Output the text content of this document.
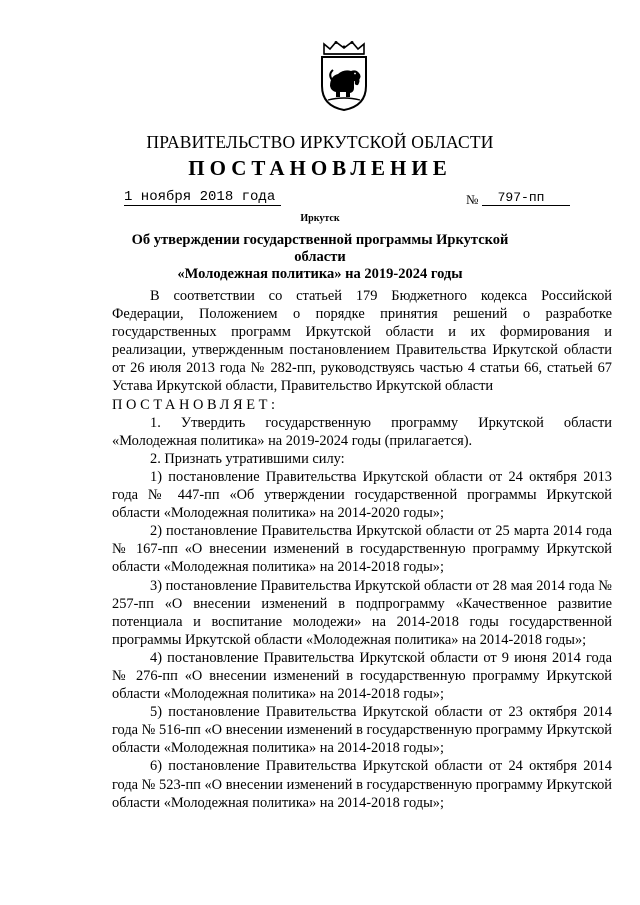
ПРАВИТЕЛЬСТВО ИРКУТСКОЙ ОБЛАСТИ
ПОСТАНОВЛЕНИЕ
1 ноября 2018 года	№	797-пп
Иркутск
Об утверждении государственной программы Иркутской области
«Молодежная политика» на 2019-2024 годы

В соответствии со статьей 179 Бюджетного кодекса Российской Федерации, Положением о порядке принятия решений о разработке государственных программ Иркутской области и их формирования и реализации, утвержденным постановлением Правительства Иркутской области от 26 июля 2013 года № 282-пп, руководствуясь частью 4 статьи 66, статьей 67 Устава Иркутской области, Правительство Иркутской области

ПОСТАНОВЛЯЕТ:

1. Утвердить государственную программу Иркутской области «Молодежная политика» на 2019-2024 годы (прилагается).

2. Признать утратившими силу:

1) постановление Правительства Иркутской области от 24 октября 2013 года № 447-пп «Об утверждении государственной программы Иркутской области «Молодежная политика» на 2014-2020 годы»;

2) постановление Правительства Иркутской области от 25 марта 2014 года № 167-пп «О внесении изменений в государственную программу Иркутской области «Молодежная политика» на 2014-2018 годы»;

3) постановление Правительства Иркутской области от 28 мая 2014 года № 257-пп «О внесении изменений в подпрограмму «Качественное развитие потенциала и воспитание молодежи» на 2014-2018 годы государственной программы Иркутской области «Молодежная политика» на 2014-2018 годы»;

4) постановление Правительства Иркутской области от 9 июня 2014 года № 276-пп «О внесении изменений в государственную программу Иркутской области «Молодежная политика» на 2014-2018 годы»;

5) постановление Правительства Иркутской области от 23 октября 2014 года № 516-пп «О внесении изменений в государственную программу Иркутской области «Молодежная политика» на 2014-2018 годы»;

6) постановление Правительства Иркутской области от 24 октября 2014 года № 523-пп «О внесении изменений в государственную программу Иркутской области «Молодежная политика» на 2014-2018 годы»;
